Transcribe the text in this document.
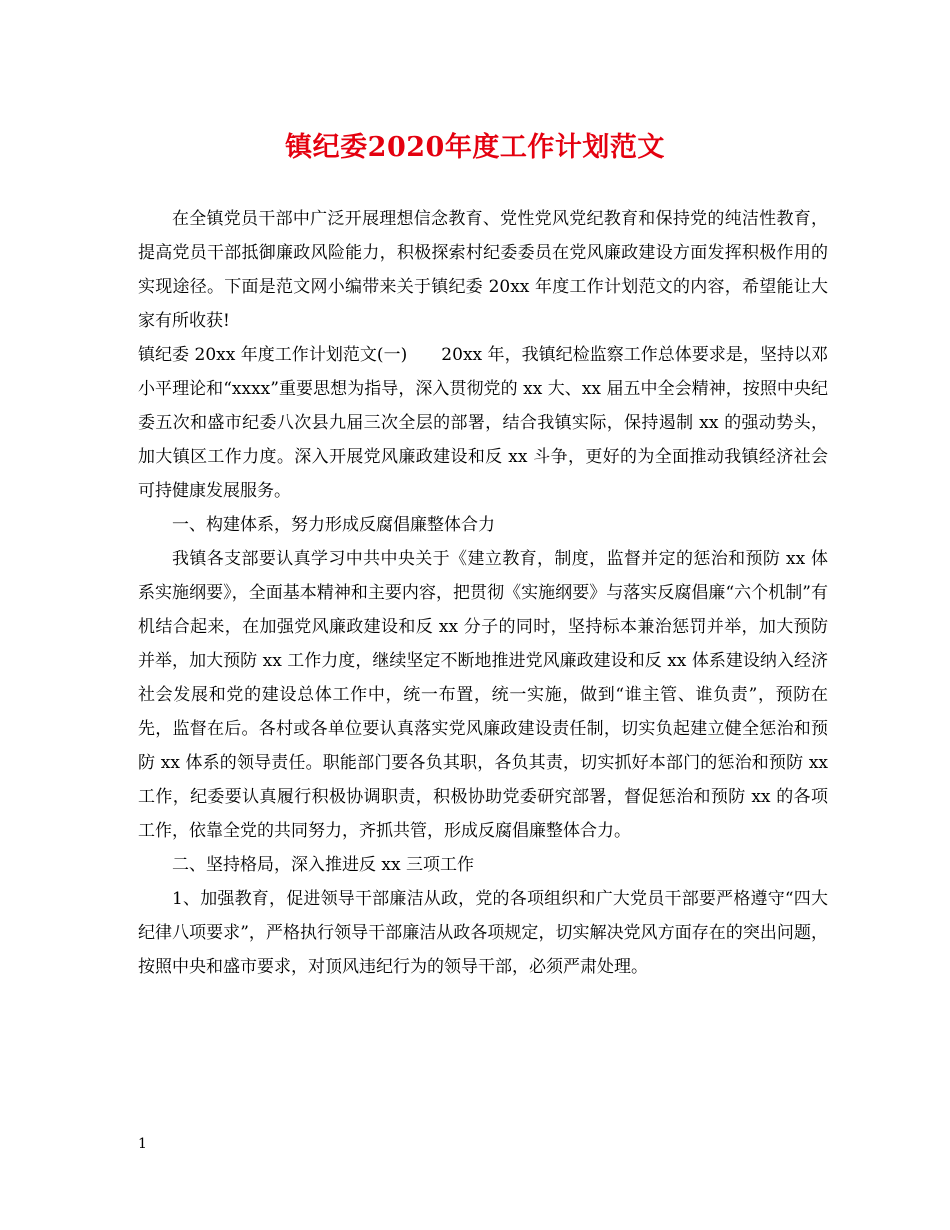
镇纪委2020年度工作计划范文

在全镇党员干部中广泛开展理想信念教育、党性党风党纪教育和保持党的纯洁性教育，提高党员干部抵御廉政风险能力，积极探索村纪委委员在党风廉政建设方面发挥积极作用的实现途径。下面是范文网小编带来关于镇纪委 20xx 年度工作计划范文的内容，希望能让大家有所收获!

镇纪委 20xx 年度工作计划范文(一)　　20xx 年，我镇纪检监察工作总体要求是，坚持以邓小平理论和“xxxx”重要思想为指导，深入贯彻党的 xx 大、xx 届五中全会精神，按照中央纪委五次和盛市纪委八次县九届三次全层的部署，结合我镇实际，保持遏制 xx 的强动势头，加大镇区工作力度。深入开展党风廉政建设和反 xx 斗争，更好的为全面推动我镇经济社会可持健康发展服务。

一、构建体系，努力形成反腐倡廉整体合力

我镇各支部要认真学习中共中央关于《建立教育，制度，监督并定的惩治和预防 xx 体系实施纲要》，全面基本精神和主要内容，把贯彻《实施纲要》与落实反腐倡廉“六个机制”有机结合起来，在加强党风廉政建设和反 xx 分子的同时，坚持标本兼治惩罚并举，加大预防并举，加大预防 xx 工作力度，继续坚定不断地推进党风廉政建设和反 xx 体系建设纳入经济社会发展和党的建设总体工作中，统一布置，统一实施，做到“谁主管、谁负责”，预防在先，监督在后。各村或各单位要认真落实党风廉政建设责任制，切实负起建立健全惩治和预防 xx 体系的领导责任。职能部门要各负其职，各负其责，切实抓好本部门的惩治和预防 xx 工作，纪委要认真履行积极协调职责，积极协助党委研究部署，督促惩治和预防 xx 的各项工作，依靠全党的共同努力，齐抓共管，形成反腐倡廉整体合力。

二、坚持格局，深入推进反 xx 三项工作

1、加强教育，促进领导干部廉洁从政，党的各项组织和广大党员干部要严格遵守“四大纪律八项要求”，严格执行领导干部廉洁从政各项规定，切实解决党风方面存在的突出问题，按照中央和盛市要求，对顶风违纪行为的领导干部，必须严肃处理。

1
